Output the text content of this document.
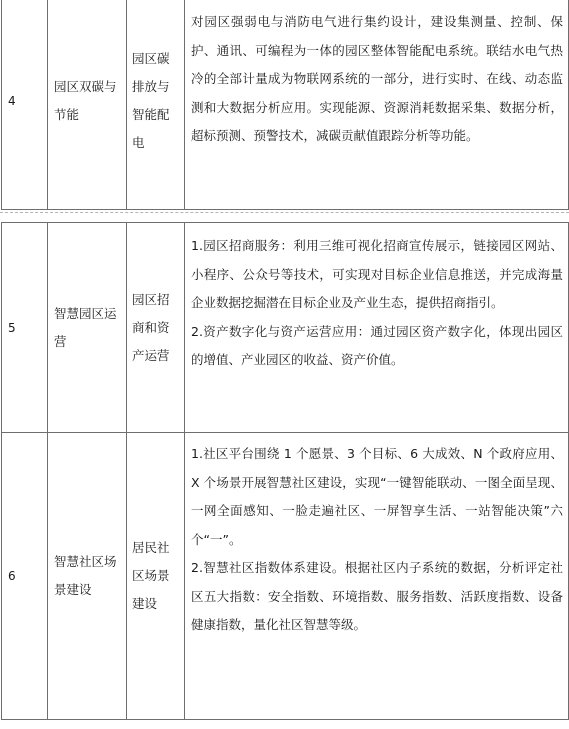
4	园区双碳与节能	园区碳排放与智能配电	
对园区强弱电与消防电气进行集约设计，建设集测量、控制、保护、通讯、可编程为一体的园区整体智能配电系统。联结水电气热冷的全部计量成为物联网系统的一部分，进行实时、在线、动态监测和大数据分析应用。实现能源、资源消耗数据采集、数据分析，超标预测、预警技术，减碳贡献值跟踪分析等功能。
5	智慧园区运营	园区招商和资产运营	
1.园区招商服务：利用三维可视化招商宣传展示，链接园区网站、小程序、公众号等技术，可实现对目标企业信息推送，并完成海量企业数据挖掘潜在目标企业及产业生态，提供招商指引。
2.资产数字化与资产运营应用：通过园区资产数字化，体现出园区的增值、产业园区的收益、资产价值。
6	智慧社区场景建设	居民社区场景建设	
1.社区平台围绕 1 个愿景、3 个目标、6 大成效、N 个政府应用、X 个场景开展智慧社区建设，实现“一键智能联动、一图全面呈现、一网全面感知、一脸走遍社区、一屏智享生活、一站智能决策”六个“一”。
2.智慧社区指数体系建设。根据社区内子系统的数据，分析评定社区五大指数：安全指数、环境指数、服务指数、活跃度指数、设备健康指数，量化社区智慧等级。
